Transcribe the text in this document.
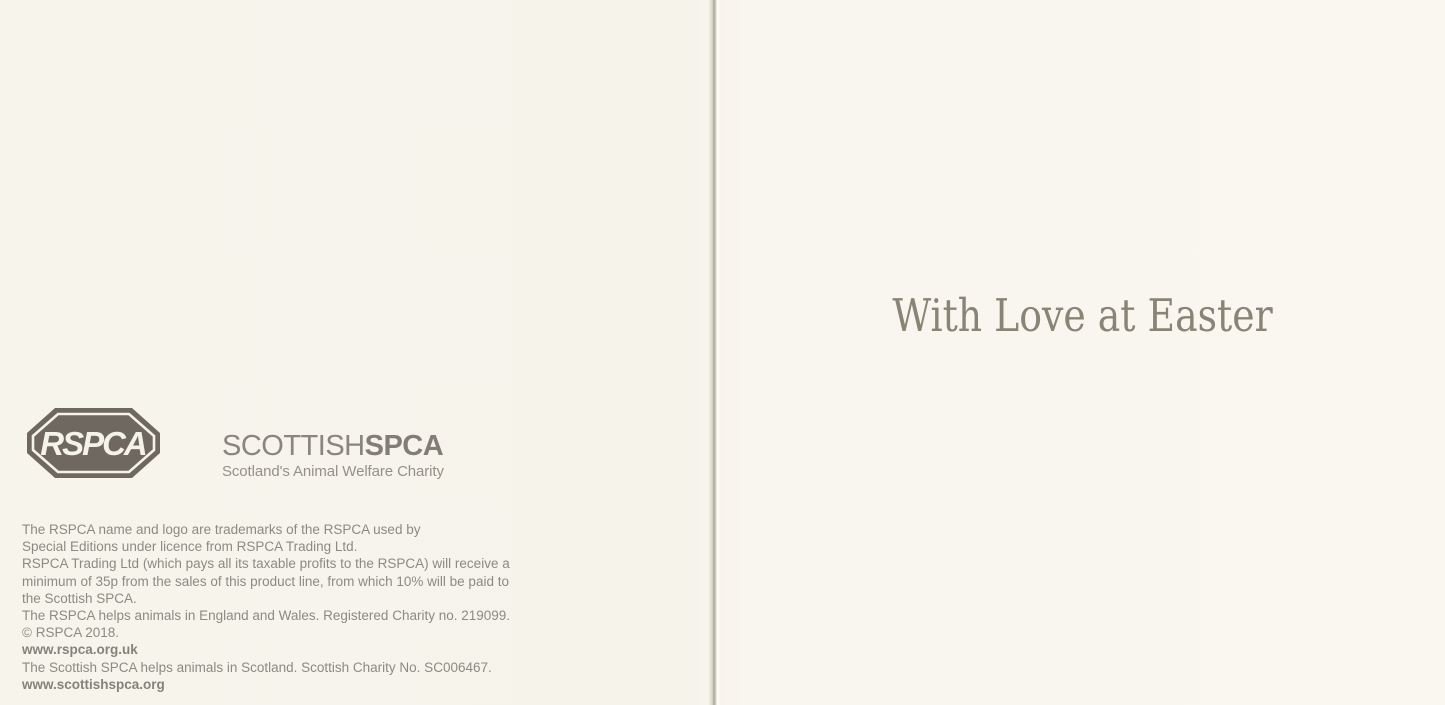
RSPCA	SCOTTISHSPCA
Scotland's Animal Welfare Charity
The RSPCA name and logo are trademarks of the RSPCA used by
Special Editions under licence from RSPCA Trading Ltd.
RSPCA Trading Ltd (which pays all its taxable profits to the RSPCA) will receive a
minimum of 35p from the sales of this product line, from which 10% will be paid to
the Scottish SPCA.
The RSPCA helps animals in England and Wales. Registered Charity no. 219099.
© RSPCA 2018.
www.rspca.org.uk
The Scottish SPCA helps animals in Scotland. Scottish Charity No. SC006467.
www.scottishspca.org
With Love at Easter
